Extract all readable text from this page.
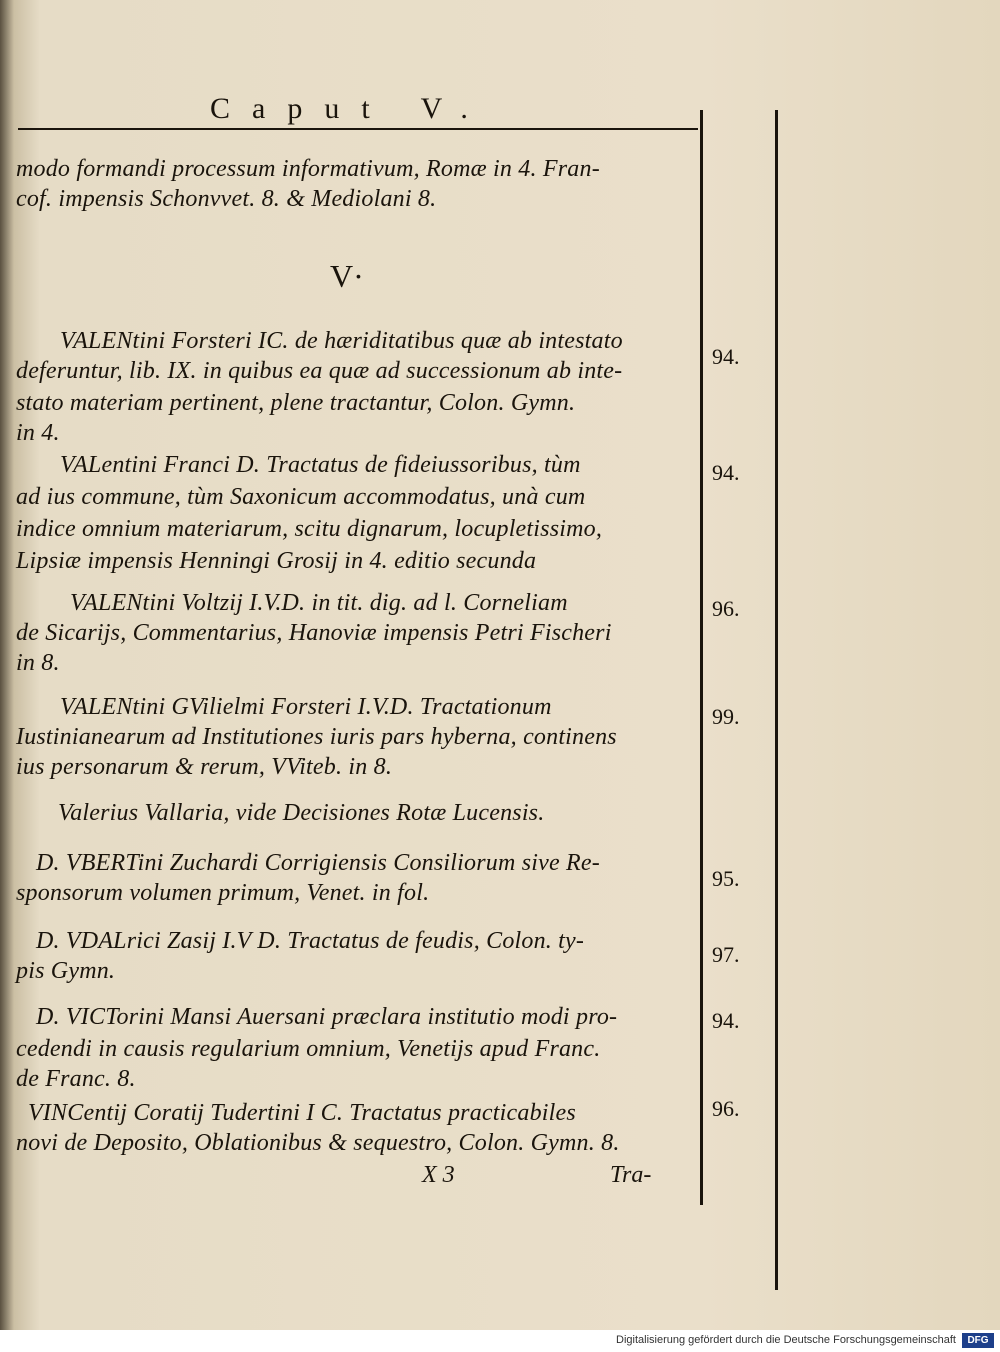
Caput V.
modo formandi processum informativum, Romæ in 4. Fran-
cof. impensis Schonvvet. 8. & Mediolani 8.
V·
VALENtini Forsteri IC. de hæriditatibus quæ ab intestato
deferuntur, lib. IX. in quibus ea quæ ad successionum ab inte-
stato materiam pertinent, plene tractantur, Colon. Gymn.
in 4.
VALentini Franci D. Tractatus de fideiussoribus, tùm
ad ius commune, tùm Saxonicum accommodatus, unà cum
indice omnium materiarum, scitu dignarum, locupletissimo,
Lipsiæ impensis Henningi Grosij in 4. editio secunda
VALENtini Voltzij I.V.D. in tit. dig. ad l. Corneliam
de Sicarijs, Commentarius, Hanoviæ impensis Petri Fischeri
in 8.
VALENtini GVilielmi Forsteri I.V.D. Tractationum
Iustinianearum ad Institutiones iuris pars hyberna, continens
ius personarum & rerum, VViteb. in 8.
Valerius Vallaria, vide Decisiones Rotæ Lucensis.
D. VBERTini Zuchardi Corrigiensis Consiliorum sive Re-
sponsorum volumen primum, Venet. in fol.
D. VDALrici Zasij I.V D. Tractatus de feudis, Colon. ty-
pis Gymn.
D. VICTorini Mansi Auersani præclara institutio modi pro-
cedendi in causis regularium omnium, Venetijs apud Franc.
de Franc. 8.
VINCentij Coratij Tudertini I C. Tractatus practicabiles
novi de Deposito, Oblationibus & sequestro, Colon. Gymn. 8.
94.
94.
96.
99.
95.
97.
94.
96.
X 3	Tra-
Digitalisierung gefördert durch die Deutsche Forschungsgemeinschaft	DFG
